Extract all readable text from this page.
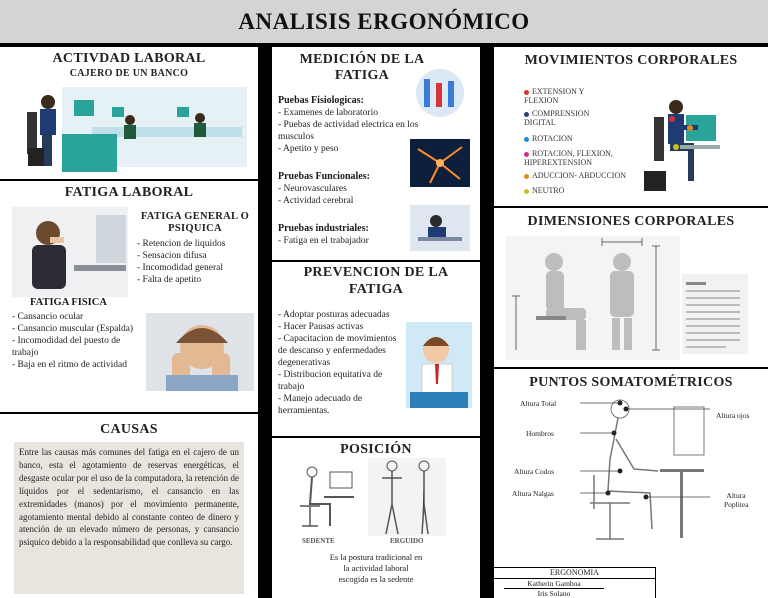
ANALISIS ERGONÓMICO
ACTIVDAD LABORAL
CAJERO DE UN BANCO
FATIGA LABORAL
FATIGA GENERAL O PSIQUICA
- Retencion de liquidos
- Sensacion difusa
- Incomodidad general
- Falta de apetito
FATIGA FISICA
- Cansancio ocular
- Cansancio muscular (Espalda)
- Incomodidad del puesto de trabajo
- Baja en el ritmo de actividad
CAUSAS
Entre las causas más comunes del fatiga en el cajero de un banco, esta el agotamiento de reservas energéticas, el desgaste ocular por el uso de la computadora, la retención de líquidos por el sedentarismo, el cansancio en las extremidades (manos) por el movimiento permanente, agotamiento mental debido al constante conteo de dinero y atención de un elevado número de personas, y cansancio psíquico debido a la responsabilidad que conlleva su cargo.
MEDICIÓN DE LA FATIGA
Puebas Fisiologicas:
- Examenes de laboratorio
- Puebas de actividad electrica en los musculos
- Apetito y peso
Pruebas Funcionales:
- Neurovasculares
- Actividad cerebral
Pruebas industriales:
- Fatiga en el trabajador
PREVENCION DE LA FATIGA
- Adoptar posturas adecuadas
- Hacer Pausas activas
- Capacitacion de movimientos de descanso y enfermedades degenerativas
- Distribucion equitativa de trabajo
- Manejo adecuado de herramientas.
POSICIÓN
SEDENTE	ERGUIDO
Es la postura tradicional en la actividad laboral escogida es la sedente
MOVIMIENTOS CORPORALES
EXTENSION Y FLEXION
COMPRENSION DIGITAL
ROTACION
ROTACION, FLEXION, HIPEREXTENSION
ADUCCION- ABDUCCION
NEUTRO
DIMENSIONES CORPORALES
PUNTOS SOMATOMÉTRICOS
Altura Total
Hombros
Altura Codos
Altura Nalgas
Altura ojos
Altura Poplitea
ERGONOMIA
Katherin Gamboa
Iris Solano
